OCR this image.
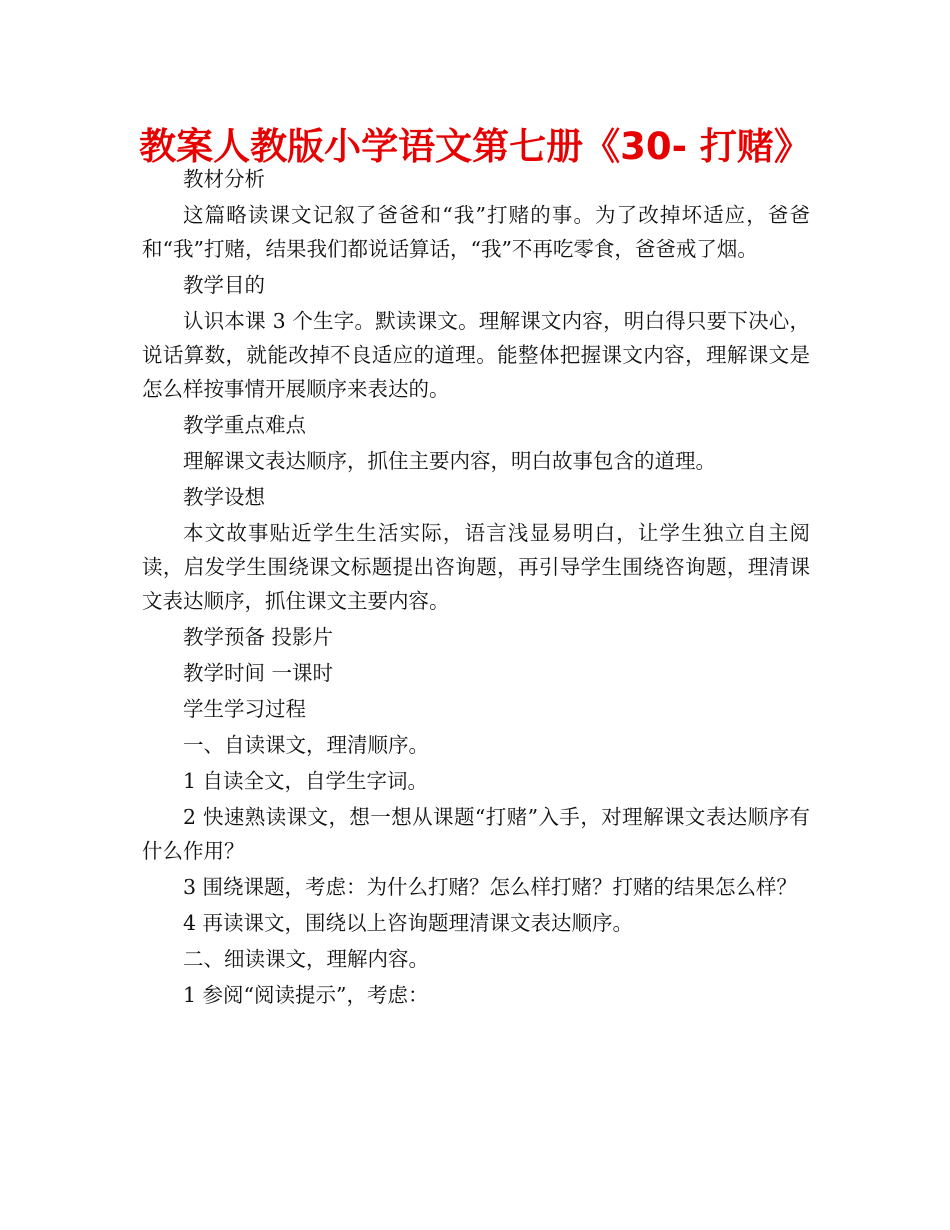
教案人教版小学语文第七册《30- 打赌》

教材分析

这篇略读课文记叙了爸爸和“我”打赌的事。为了改掉坏适应，爸爸和“我”打赌，结果我们都说话算话，“我”不再吃零食，爸爸戒了烟。

教学目的

认识本课 3 个生字。默读课文。理解课文内容，明白得只要下决心，说话算数，就能改掉不良适应的道理。能整体把握课文内容，理解课文是怎么样按事情开展顺序来表达的。

教学重点难点

理解课文表达顺序，抓住主要内容，明白故事包含的道理。

教学设想

本文故事贴近学生生活实际，语言浅显易明白，让学生独立自主阅读，启发学生围绕课文标题提出咨询题，再引导学生围绕咨询题，理清课文表达顺序，抓住课文主要内容。

教学预备 投影片

教学时间 一课时

学生学习过程

一、自读课文，理清顺序。

1 自读全文，自学生字词。

2 快速熟读课文，想一想从课题“打赌”入手，对理解课文表达顺序有什么作用？

3 围绕课题，考虑：为什么打赌？怎么样打赌？打赌的结果怎么样？

4 再读课文，围绕以上咨询题理清课文表达顺序。

二、细读课文，理解内容。

1 参阅“阅读提示”，考虑：
